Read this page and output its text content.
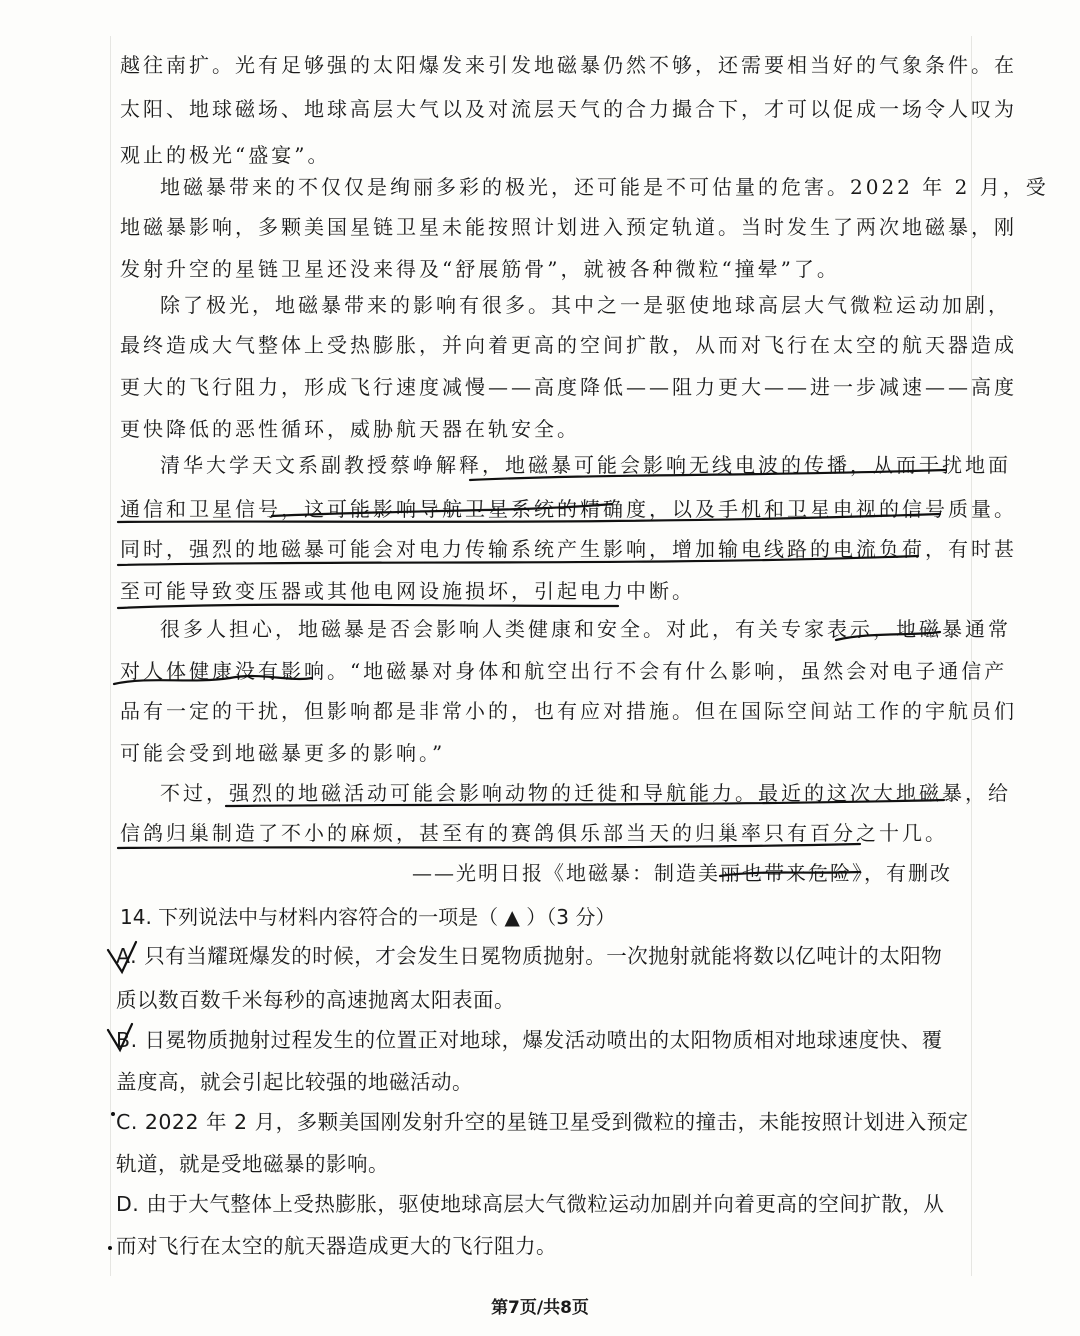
越往南扩。光有足够强的太阳爆发来引发地磁暴仍然不够，还需要相当好的气象条件。在
太阳、地球磁场、地球高层大气以及对流层天气的合力撮合下，才可以促成一场令人叹为
观止的极光“盛宴”。
地磁暴带来的不仅仅是绚丽多彩的极光，还可能是不可估量的危害。2022 年 2 月，受
地磁暴影响，多颗美国星链卫星未能按照计划进入预定轨道。当时发生了两次地磁暴，刚
发射升空的星链卫星还没来得及“舒展筋骨”，就被各种微粒“撞晕”了。
除了极光，地磁暴带来的影响有很多。其中之一是驱使地球高层大气微粒运动加剧，
最终造成大气整体上受热膨胀，并向着更高的空间扩散，从而对飞行在太空的航天器造成
更大的飞行阻力，形成飞行速度减慢——高度降低——阻力更大——进一步减速——高度
更快降低的恶性循环，威胁航天器在轨安全。
清华大学天文系副教授蔡峥解释，地磁暴可能会影响无线电波的传播，从而干扰地面
通信和卫星信号，这可能影响导航卫星系统的精确度，以及手机和卫星电视的信号质量。
同时，强烈的地磁暴可能会对电力传输系统产生影响，增加输电线路的电流负荷，有时甚
至可能导致变压器或其他电网设施损坏，引起电力中断。
很多人担心，地磁暴是否会影响人类健康和安全。对此，有关专家表示，地磁暴通常
对人体健康没有影响。“地磁暴对身体和航空出行不会有什么影响，虽然会对电子通信产
品有一定的干扰，但影响都是非常小的，也有应对措施。但在国际空间站工作的宇航员们
可能会受到地磁暴更多的影响。”
不过，强烈的地磁活动可能会影响动物的迁徙和导航能力。最近的这次大地磁暴，给
信鸽归巢制造了不小的麻烦，甚至有的赛鸽俱乐部当天的归巢率只有百分之十几。
——光明日报《地磁暴：制造美丽也带来危险》，有删改
14. 下列说法中与材料内容符合的一项是（ ▲ ）（3 分）
A. 只有当耀斑爆发的时候，才会发生日冕物质抛射。一次抛射就能将数以亿吨计的太阳物
质以数百数千米每秒的高速抛离太阳表面。
B. 日冕物质抛射过程发生的位置正对地球，爆发活动喷出的太阳物质相对地球速度快、覆
盖度高，就会引起比较强的地磁活动。
C. 2022 年 2 月，多颗美国刚发射升空的星链卫星受到微粒的撞击，未能按照计划进入预定
轨道，就是受地磁暴的影响。
D. 由于大气整体上受热膨胀，驱使地球高层大气微粒运动加剧并向着更高的空间扩散，从
而对飞行在太空的航天器造成更大的飞行阻力。
第7页/共8页
